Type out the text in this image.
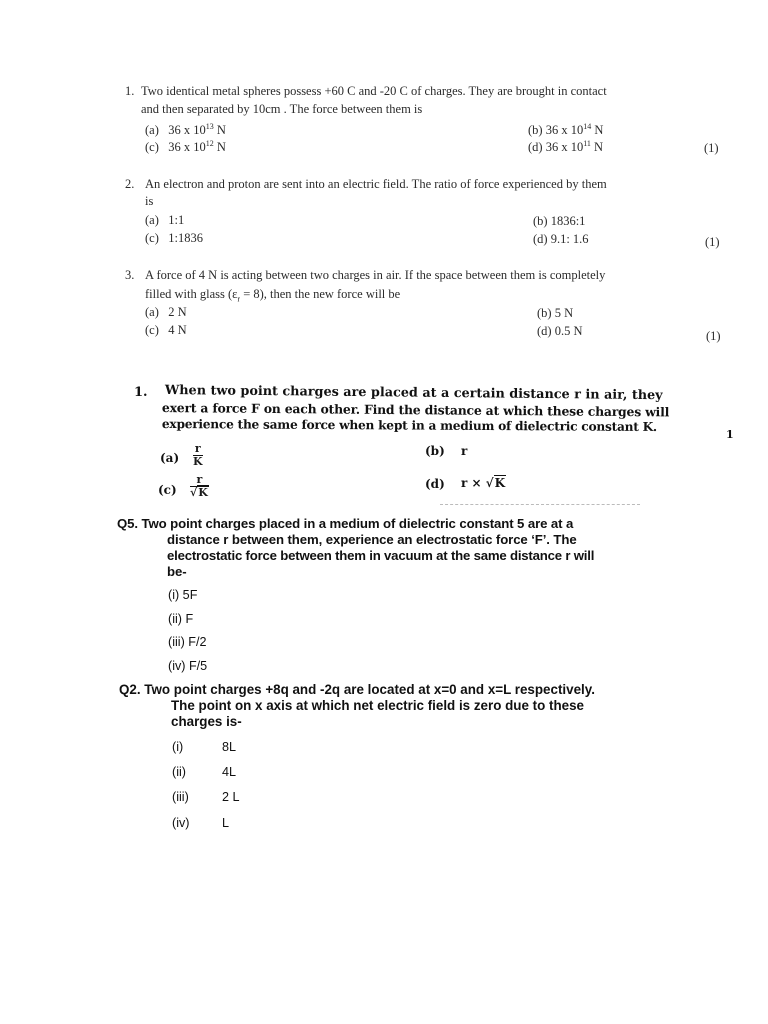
1. Two identical metal spheres possess +60 C and -20 C of charges. They are brought in contact
and then separated by 10cm . The force between them is
(a) 36 x $10^{13}$ N	(b) 36 x $10^{14}$ N
(c) 36 x $10^{12}$ N	(d) 36 x $10^{11}$ N	(1)
2. An electron and proton are sent into an electric field. The ratio of force experienced by them
is
(a) 1:1	(b) 1836:1
(c) 1:1836	(d) 9.1: 1.6	(1)
3. A force of 4 N is acting between two charges in air. If the space between them is completely
filled with glass $(\varepsilon_r = 8)$, then the new force will be
(a) 2 N	(b) 5 N
(c) 4 N	(d) 0.5 N	(1)
1. When two point charges are placed at a certain distance r in air, they
exert a force F on each other. Find the distance at which these charges will
experience the same force when kept in a medium of dielectric constant K.
1
$(a) \frac{r}{K}$	(b) r
$(c) \frac{r}{√K}$	(d) r × √K
Q5. Two point charges placed in a medium of dielectric constant 5 are at a
distance r between them, experience an electrostatic force ‘F’. The
electrostatic force between them in vacuum at the same distance r will
be-
(i) 5F
(ii) F
(iii) F/2
(iv) F/5
Q2. Two point charges +8q and -2q are located at x=0 and x=L respectively.
The point on x axis at which net electric field is zero due to these
charges is-
(i)	8L
(ii)	4L
(iii)	2 L
(iv)	L
